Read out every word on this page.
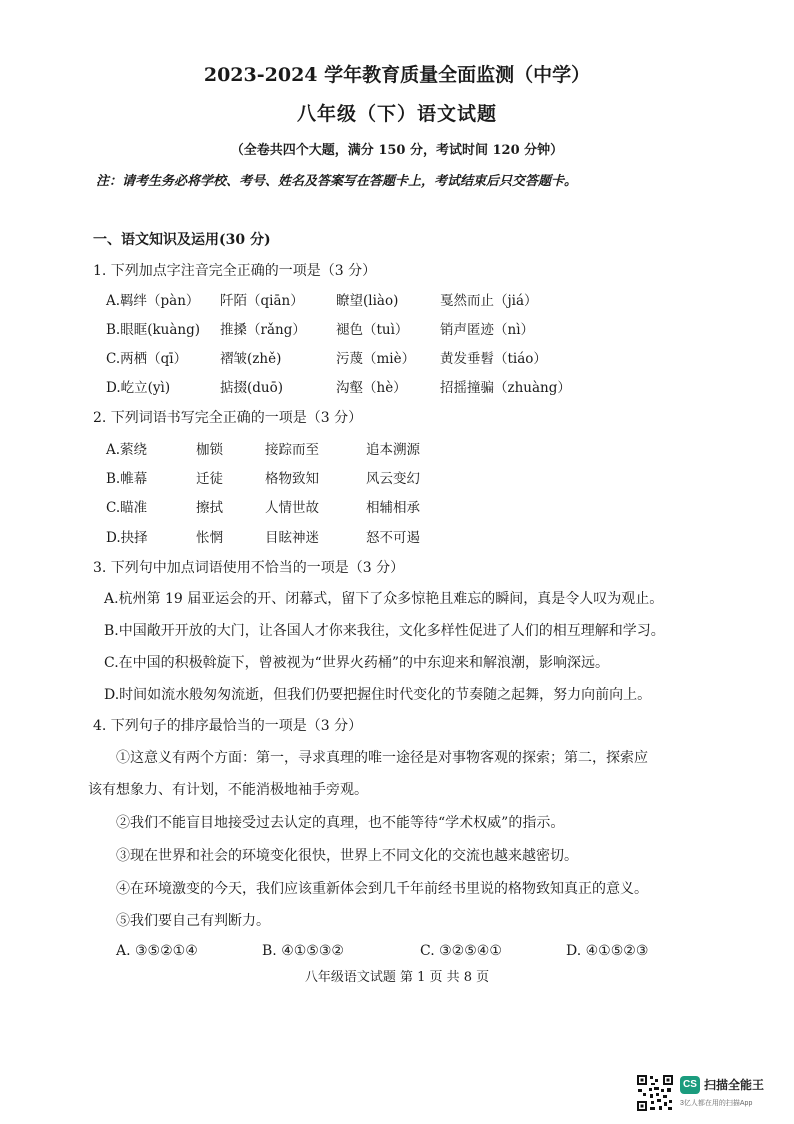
2023-2024 学年教育质量全面监测（中学）
八年级（下）语文试题
（全卷共四个大题，满分 150 分，考试时间 120 分钟）
注：请考生务必将学校、考号、姓名及答案写在答题卡上，考试结束后只交答题卡。
一、语文知识及运用(30 分)
1. 下列加点字注音完全正确的一项是（3 分）
A.羁绊（pàn） 阡陌（qiān） 瞭望(liào)	戛然而止（jiá）
B.眼眶(kuàng) 推搡（rǎng） 褪色（tuì） 销声匿迹（nì）
C.两栖（qī） 褶皱(zhě)	污蔑（miè） 黄发垂髫（tiáo）
D.屹立(yì)	掂掇(duō)	沟壑（hè） 招摇撞骗（zhuàng）
2. 下列词语书写完全正确的一项是（3 分）
A.萦绕	枷锁	接踪而至	追本溯源
B.帷幕	迁徒	格物致知	风云变幻
C.瞄准	擦拭	人情世故	相辅相承
D.抉择	怅惘	目眩神迷	怒不可遏
3. 下列句中加点词语使用不恰当的一项是（3 分）
A.杭州第 19 届亚运会的开、闭幕式，留下了众多惊艳且难忘的瞬间，真是令人叹为观止。
B.中国敞开开放的大门，让各国人才你来我往，文化多样性促进了人们的相互理解和学习。
C.在中国的积极斡旋下，曾被视为“世界火药桶”的中东迎来和解浪潮，影响深远。
D.时间如流水般匆匆流逝，但我们仍要把握住时代变化的节奏随之起舞，努力向前向上。
4. 下列句子的排序最恰当的一项是（3 分）
①这意义有两个方面：第一，寻求真理的唯一途径是对事物客观的探索；第二，探索应
该有想象力、有计划，不能消极地袖手旁观。
②我们不能盲目地接受过去认定的真理，也不能等待“学术权威”的指示。
③现在世界和社会的环境变化很快，世界上不同文化的交流也越来越密切。
④在环境激变的今天，我们应该重新体会到几千年前经书里说的格物致知真正的意义。
⑤我们要自己有判断力。
A. ③⑤②①④	B. ④①⑤③②	C. ③②⑤④①	D. ④①⑤②③
八年级语文试题 第 1 页 共 8 页
CS 扫描全能王
3亿人都在用的扫描App
